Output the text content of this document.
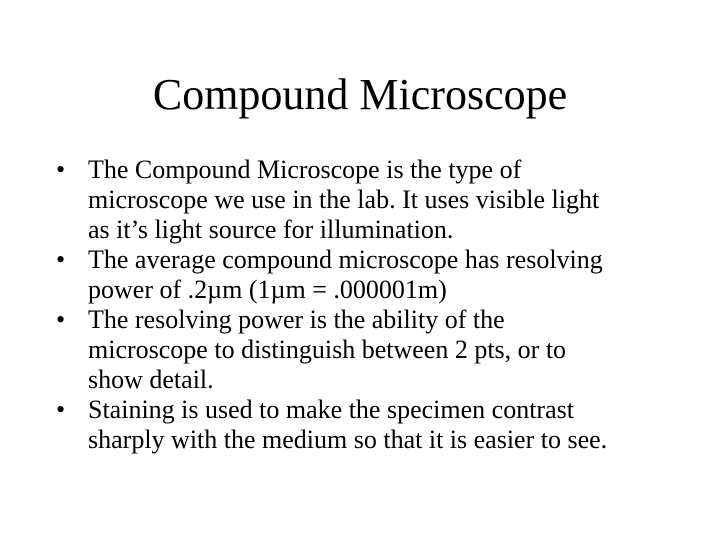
Compound Microscope
• The Compound Microscope is the type of
microscope we use in the lab. It uses visible light
as it’s light source for illumination.
• The average compound microscope has resolving
power of .2µm (1µm = .000001m)
• The resolving power is the ability of the
microscope to distinguish between 2 pts, or to
show detail.
• Staining is used to make the specimen contrast
sharply with the medium so that it is easier to see.
